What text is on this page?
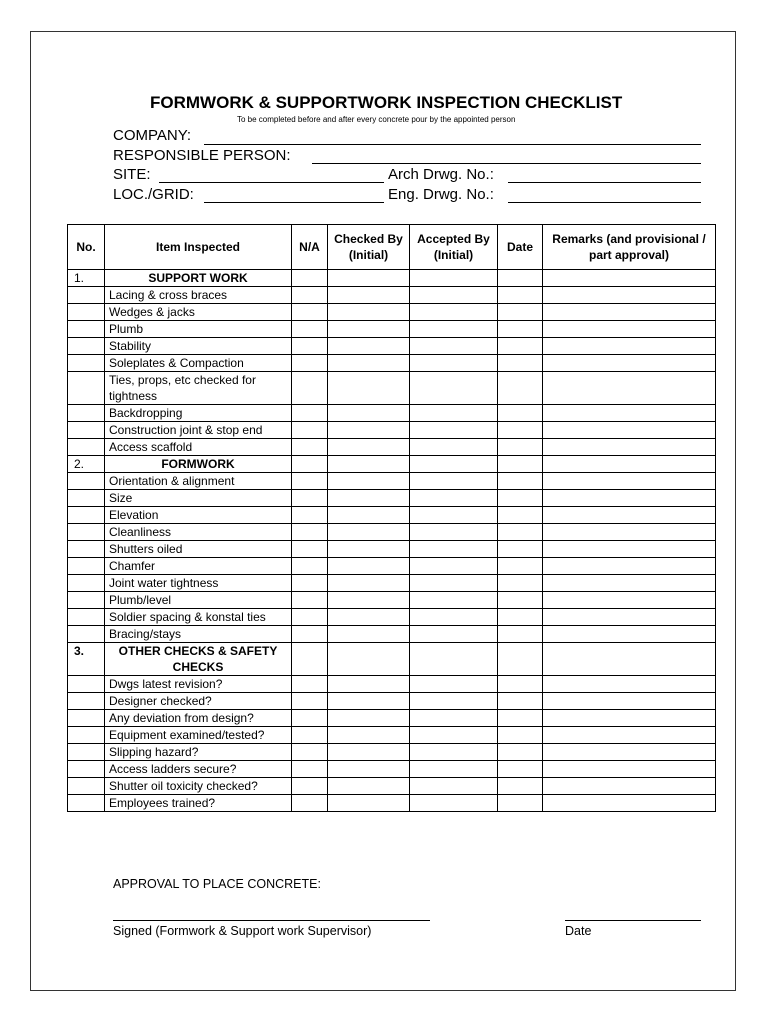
FORMWORK & SUPPORTWORK INSPECTION CHECKLIST
To be completed before and after every concrete pour by the appointed person
COMPANY:
RESPONSIBLE PERSON:
SITE:	Arch Drwg. No.:
LOC./GRID:	Eng. Drwg. No.:
No.	Item Inspected	N/A	Checked By (Initial)	Accepted By (Initial)	Date	Remarks (and provisional / part approval)
1.	SUPPORT WORK					
	Lacing & cross braces					
	Wedges & jacks					
	Plumb					
	Stability					
	Soleplates & Compaction					
	Ties, props, etc checked for tightness					
	Backdropping					
	Construction joint & stop end					
	Access scaffold					
2.	FORMWORK					
	Orientation & alignment					
	Size					
	Elevation					
	Cleanliness					
	Shutters oiled					
	Chamfer					
	Joint water tightness					
	Plumb/level					
	Soldier spacing & konstal ties					
	Bracing/stays					
3.	OTHER CHECKS & SAFETY CHECKS					
	Dwgs latest revision?					
	Designer checked?					
	Any deviation from design?					
	Equipment examined/tested?					
	Slipping hazard?					
	Access ladders secure?					
	Shutter oil toxicity checked?					
	Employees trained?					
APPROVAL TO PLACE CONCRETE:
Signed (Formwork & Support work Supervisor)	Date
